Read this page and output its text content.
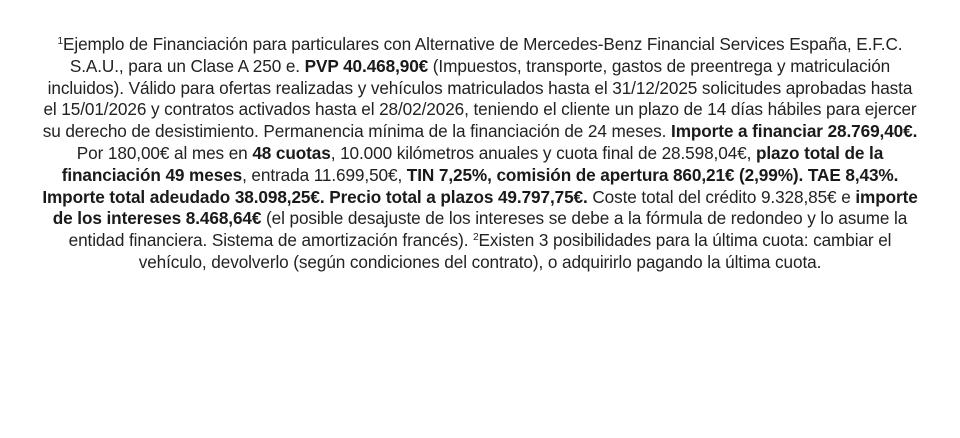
$^1$Ejemplo de Financiación para particulares con Alternative de Mercedes-Benz Financial Services España, E.F.C. S.A.U., para un Clase A 250 e. PVP 40.468,90€ (Impuestos, transporte, gastos de preentrega y matriculación incluidos). Válido para ofertas realizadas y vehículos matriculados hasta el 31/12/2025 solicitudes aprobadas hasta el 15/01/2026 y contratos activados hasta el 28/02/2026, teniendo el cliente un plazo de 14 días hábiles para ejercer su derecho de desistimiento. Permanencia mínima de la financiación de 24 meses. Importe a financiar 28.769,40€. Por 180,00€ al mes en 48 cuotas, 10.000 kilómetros anuales y cuota final de 28.598,04€, plazo total de la financiación 49 meses, entrada 11.699,50€, TIN 7,25%, comisión de apertura 860,21€ (2,99%). TAE 8,43%. Importe total adeudado 38.098,25€. Precio total a plazos 49.797,75€. Coste total del crédito 9.328,85€ e importe de los intereses 8.468,64€ (el posible desajuste de los intereses se debe a la fórmula de redondeo y lo asume la entidad financiera. Sistema de amortización francés). $^2$Existen 3 posibilidades para la última cuota: cambiar el vehículo, devolverlo (según condiciones del contrato), o adquirirlo pagando la última cuota.
